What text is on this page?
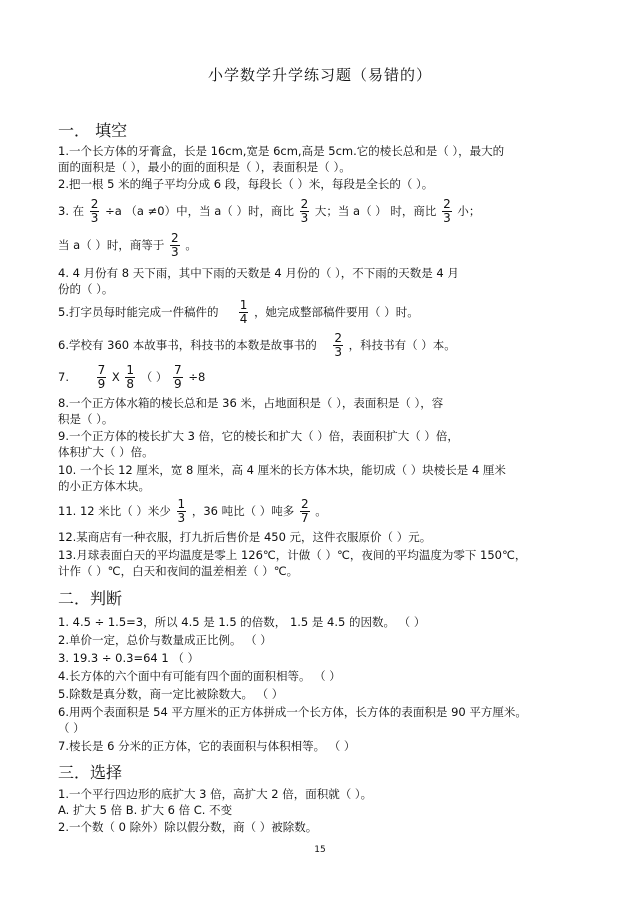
小学数学升学练习题（易错的）
一． 填空
1.一个长方体的牙膏盒，长是 16cm,宽是 6cm,高是 5cm.它的棱长总和是（ ），最大的
面的面积是（ ），最小的面的面积是（ ），表面积是（ ）。
2.把一根 5 米的绳子平均分成 6 段，每段长（ ）米，每段是全长的（ ）。
3. 在 $\frac{2}{3} \div a$ （a ≠0）中，当 a（ ）时，商比 $\frac{2}{3}$ 大；当 a（ ） 时，商比 $\frac{2}{3}$ 小；
当 a（ ）时，商等于 $\frac{2}{3}$ 。
4. 4 月份有 8 天下雨，其中下雨的天数是 4 月份的（ ），不下雨的天数是 4 月
份的（ ）。
5.打字员每时能完成一件稿件的 $\frac{1}{4}$ ，她完成整部稿件要用（ ）时。
6.学校有 360 本故事书，科技书的本数是故事书的 $\frac{2}{3}$ ，科技书有（ ）本。
7. $\frac{7}{9}$ X $\frac{1}{8}$ （ ） $\frac{7}{9} \div 8$
8.一个正方体水箱的棱长总和是 36 米，占地面积是（ ），表面积是（ ），容
积是（ ）。
9.一个正方体的棱长扩大 3 倍，它的棱长和扩大（ ）倍，表面积扩大（ ）倍，
体积扩大（ ）倍。
10. 一个长 12 厘米，宽 8 厘米，高 4 厘米的长方体木块，能切成（ ）块棱长是 4 厘米
的小正方体木块。
11. 12 米比（ ）米少 $\frac{1}{3}$ ，36 吨比（ ）吨多 $\frac{2}{7}$ 。
12.某商店有一种衣服，打九折后售价是 450 元，这件衣服原价（ ）元。
13.月球表面白天的平均温度是零上 126℃，计做（ ）℃，夜间的平均温度为零下 150℃，
计作（ ）℃，白天和夜间的温差相差（ ）℃。
二．判断
1. 4.5 ÷ 1.5=3，所以 4.5 是 1.5 的倍数， 1.5 是 4.5 的因数。 （ ）
2.单价一定，总价与数量成正比例。 （ ）
3. 19.3 ÷ 0.3=64 1 （ ）
4.长方体的六个面中有可能有四个面的面积相等。 （ ）
5.除数是真分数，商一定比被除数大。 （ ）
6.用两个表面积是 54 平方厘米的正方体拼成一个长方体，长方体的表面积是 90 平方厘米。
（ ）
7.棱长是 6 分米的正方体，它的表面积与体积相等。 （ ）
三．选择
1.一个平行四边形的底扩大 3 倍，高扩大 2 倍，面积就（ ）。
A. 扩大 5 倍 B. 扩大 6 倍 C. 不变
2.一个数（ 0 除外）除以假分数，商（ ）被除数。
15
